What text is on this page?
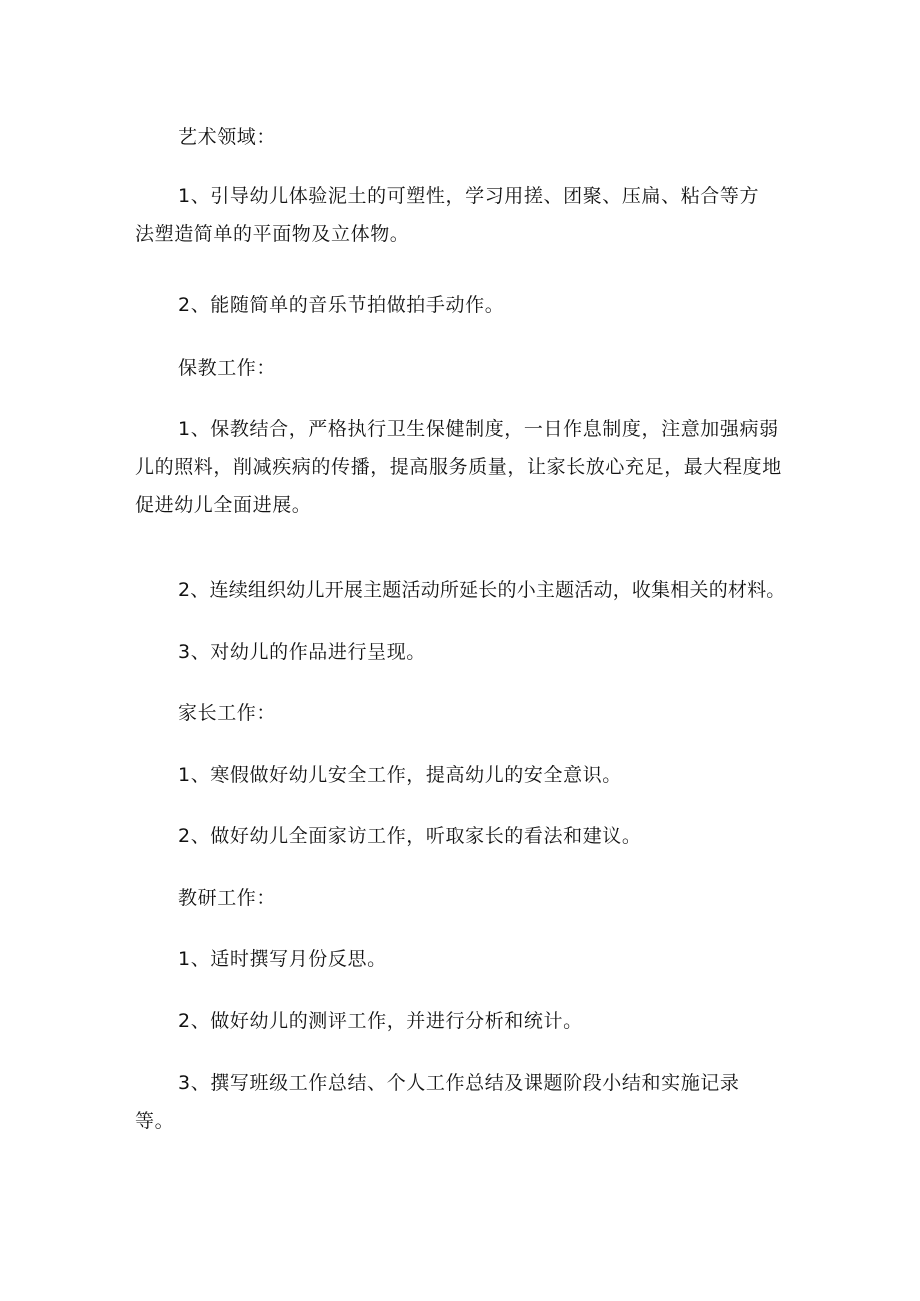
艺术领域：
1、引导幼儿体验泥土的可塑性，学习用搓、团聚、压扁、粘合等方
法塑造简单的平面物及立体物。
2、能随简单的音乐节拍做拍手动作。
保教工作：
1、保教结合，严格执行卫生保健制度，一日作息制度，注意加强病弱
儿的照料，削减疾病的传播，提高服务质量，让家长放心充足，最大程度地
促进幼儿全面进展。
2、连续组织幼儿开展主题活动所延长的小主题活动，收集相关的材料。
3、对幼儿的作品进行呈现。
家长工作：
1、寒假做好幼儿安全工作，提高幼儿的安全意识。
2、做好幼儿全面家访工作，听取家长的看法和建议。
教研工作：
1、适时撰写月份反思。
2、做好幼儿的测评工作，并进行分析和统计。
3、撰写班级工作总结、个人工作总结及课题阶段小结和实施记录
等。
